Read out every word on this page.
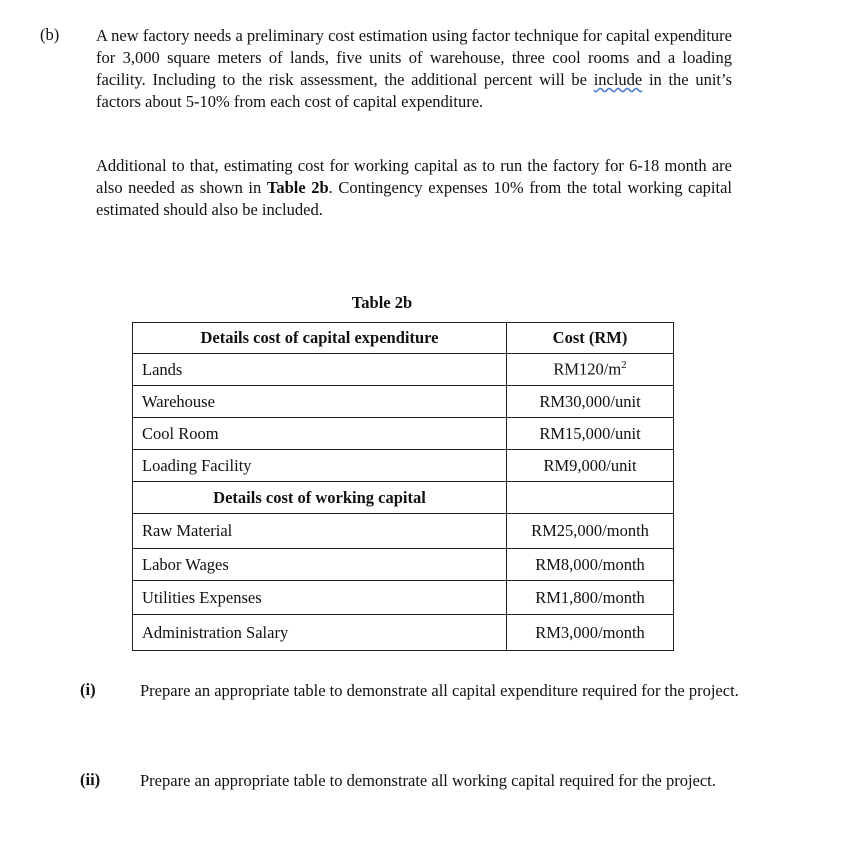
(b) A new factory needs a preliminary cost estimation using factor technique for capital expenditure for 3,000 square meters of lands, five units of warehouse, three cool rooms and a loading facility. Including to the risk assessment, the additional percent will be include in the unit’s factors about 5-10% from each cost of capital expenditure.

Additional to that, estimating cost for working capital as to run the factory for 6-18 month are also needed as shown in Table 2b. Contingency expenses 10% from the total working capital estimated should also be included.

Table 2b
Details cost of capital expenditure	Cost (RM)
Lands	$RM120/m^2$
Warehouse	RM30,000/unit
Cool Room	RM15,000/unit
Loading Facility	RM9,000/unit
Details cost of working capital	
Raw Material	RM25,000/month
Labor Wages	RM8,000/month
Utilities Expenses	RM1,800/month
Administration Salary	RM3,000/month
(i)	Prepare an appropriate table to demonstrate all capital expenditure required for the project.
(ii) Prepare an appropriate table to demonstrate all working capital required for the project.
